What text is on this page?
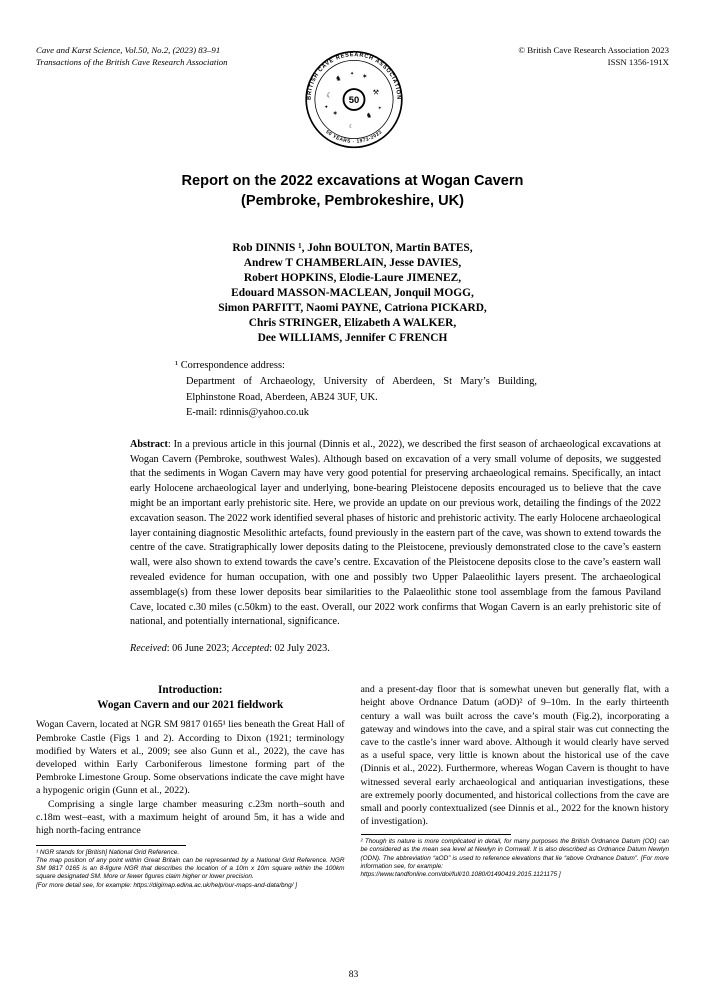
Cave and Karst Science, Vol.50, No.2, (2023) 83–91
Transactions of the British Cave Research Association
© British Cave Research Association 2023
ISSN 1356-191X
BRITISH CAVE RESEARCH ASSOCIATION
50 YEARS · 1973-2023
♞	✶
☾	⚒
✶	♞
✦
☾
✶
✦
50
Report on the 2022 excavations at Wogan Cavern
(Pembroke, Pembrokeshire, UK)
Rob DINNIS ¹, John BOULTON, Martin BATES,
Andrew T CHAMBERLAIN, Jesse DAVIES,
Robert HOPKINS, Elodie-Laure JIMENEZ,
Edouard MASSON-MACLEAN, Jonquil MOGG,
Simon PARFITT, Naomi PAYNE, Catriona PICKARD,
Chris STRINGER, Elizabeth A WALKER,
Dee WILLIAMS, Jennifer C FRENCH
¹ Correspondence address:
Department of Archaeology, University of Aberdeen, St Mary’s Building, Elphinstone Road, Aberdeen, AB24 3UF, UK.
E-mail: rdinnis@yahoo.co.uk
Abstract: In a previous article in this journal (Dinnis et al., 2022), we described the first season of archaeological excavations at Wogan Cavern (Pembroke, southwest Wales). Although based on excavation of a very small volume of deposits, we suggested that the sediments in Wogan Cavern may have very good potential for preserving archaeological remains. Specifically, an intact early Holocene archaeological layer and underlying, bone-bearing Pleistocene deposits encouraged us to believe that the cave might be an important early prehistoric site. Here, we provide an update on our previous work, detailing the findings of the 2022 excavation season. The 2022 work identified several phases of historic and prehistoric activity. The early Holocene archaeological layer containing diagnostic Mesolithic artefacts, found previously in the eastern part of the cave, was shown to extend towards the centre of the cave. Stratigraphically lower deposits dating to the Pleistocene, previously demonstrated close to the cave’s eastern wall, were also shown to extend towards the cave’s centre. Excavation of the Pleistocene deposits close to the cave’s eastern wall revealed evidence for human occupation, with one and possibly two Upper Palaeolithic layers present. The archaeological assemblage(s) from these lower deposits bear similarities to the Palaeolithic stone tool assemblage from the famous Paviland Cave, located c.30 miles (c.50km) to the east. Overall, our 2022 work confirms that Wogan Cavern is an early prehistoric site of national, and potentially international, significance.
Received: 06 June 2023; Accepted: 02 July 2023.
Introduction:
Wogan Cavern and our 2021 fieldwork

Wogan Cavern, located at NGR SM 9817 0165¹ lies beneath the Great Hall of Pembroke Castle (Figs 1 and 2). According to Dixon (1921; terminology modified by Waters et al., 2009; see also Gunn et al., 2022), the cave has developed within Early Carboniferous limestone forming part of the Pembroke Limestone Group. Some observations indicate the cave might have a hypogenic origin (Gunn et al., 2022).

Comprising a single large chamber measuring c.23m north–south and c.18m west–east, with a maximum height of around 5m, it has a wide and high north-facing entrance

¹ NGR stands for [British] National Grid Reference.
The map position of any point within Great Britain can be represented by a National Grid Reference. NGR SM 9817 0165 is an 8-figure NGR that describes the location of a 10m x 10m square within the 100km square designated SM. More or fewer figures claim higher or lower precision.
[For more detail see, for example: https://digimap.edina.ac.uk/help/our-maps-and-data/bng/ ]

and a present-day floor that is somewhat uneven but generally flat, with a height above Ordnance Datum (aOD)² of 9–10m. In the early thirteenth century a wall was built across the cave’s mouth (Fig.2), incorporating a gateway and windows into the cave, and a spiral stair was cut connecting the cave to the castle’s inner ward above. Although it would clearly have served as a useful space, very little is known about the historical use of the cave (Dinnis et al., 2022). Furthermore, whereas Wogan Cavern is thought to have witnessed several early archaeological and antiquarian investigations, these are extremely poorly documented, and historical collections from the cave are small and poorly contextualized (see Dinnis et al., 2022 for the known history of investigation).

² Though its nature is more complicated in detail, for many purposes the British Ordnance Datum (OD) can be considered as the mean sea level at Newlyn in Cornwall. It is also described as Ordnance Datum Newlyn (ODN). The abbreviation “aOD” is used to reference elevations that lie “above Ordnance Datum”. [For more information see, for example:
https://www.tandfonline.com/doi/full/10.1080/01490419.2015.1121175 ]
83
